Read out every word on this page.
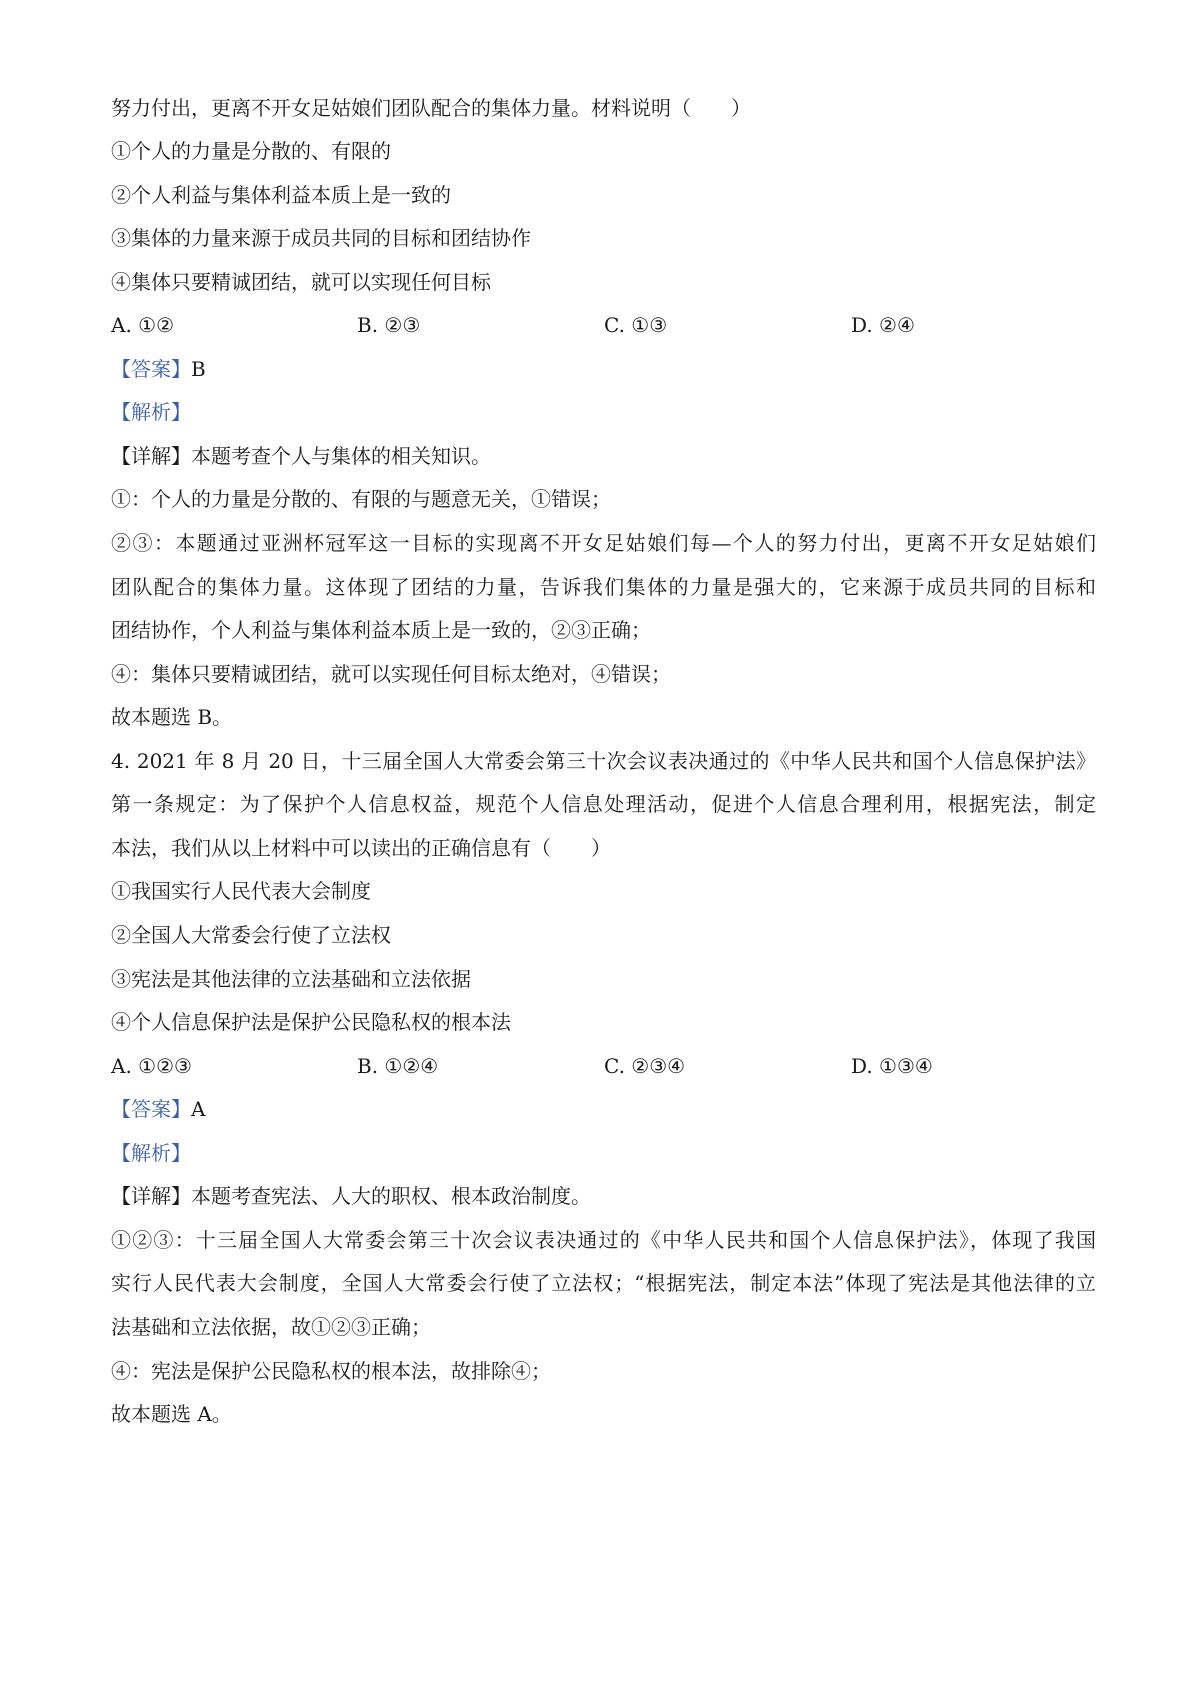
努力付出，更离不开女足姑娘们团队配合的集体力量。材料说明（　　）
①个人的力量是分散的、有限的
②个人利益与集体利益本质上是一致的
③集体的力量来源于成员共同的目标和团结协作
④集体只要精诚团结，就可以实现任何目标
A. ①②	B. ②③	C. ①③	D. ②④
【答案】B
【解析】
【详解】本题考查个人与集体的相关知识。
①：个人的力量是分散的、有限的与题意无关，①错误；
②③：本题通过亚洲杯冠军这一目标的实现离不开女足姑娘们每—个人的努力付出，更离不开女足姑娘们
团队配合的集体力量。这体现了团结的力量，告诉我们集体的力量是强大的，它来源于成员共同的目标和
团结协作，个人利益与集体利益本质上是一致的，②③正确；
④：集体只要精诚团结，就可以实现任何目标太绝对，④错误；
故本题选 B。
4. 2021 年 8 月 20 日，十三届全国人大常委会第三十次会议表决通过的《中华人民共和国个人信息保护法》
第一条规定：为了保护个人信息权益，规范个人信息处理活动，促进个人信息合理利用，根据宪法，制定
本法，我们从以上材料中可以读出的正确信息有（　　）
①我国实行人民代表大会制度
②全国人大常委会行使了立法权
③宪法是其他法律的立法基础和立法依据
④个人信息保护法是保护公民隐私权的根本法
A. ①②③	B. ①②④	C. ②③④	D. ①③④
【答案】A
【解析】
【详解】本题考查宪法、人大的职权、根本政治制度。
①②③：十三届全国人大常委会第三十次会议表决通过的《中华人民共和国个人信息保护法》，体现了我国
实行人民代表大会制度，全国人大常委会行使了立法权；“根据宪法，制定本法”体现了宪法是其他法律的立
法基础和立法依据，故①②③正确；
④：宪法是保护公民隐私权的根本法，故排除④；
故本题选 A。
